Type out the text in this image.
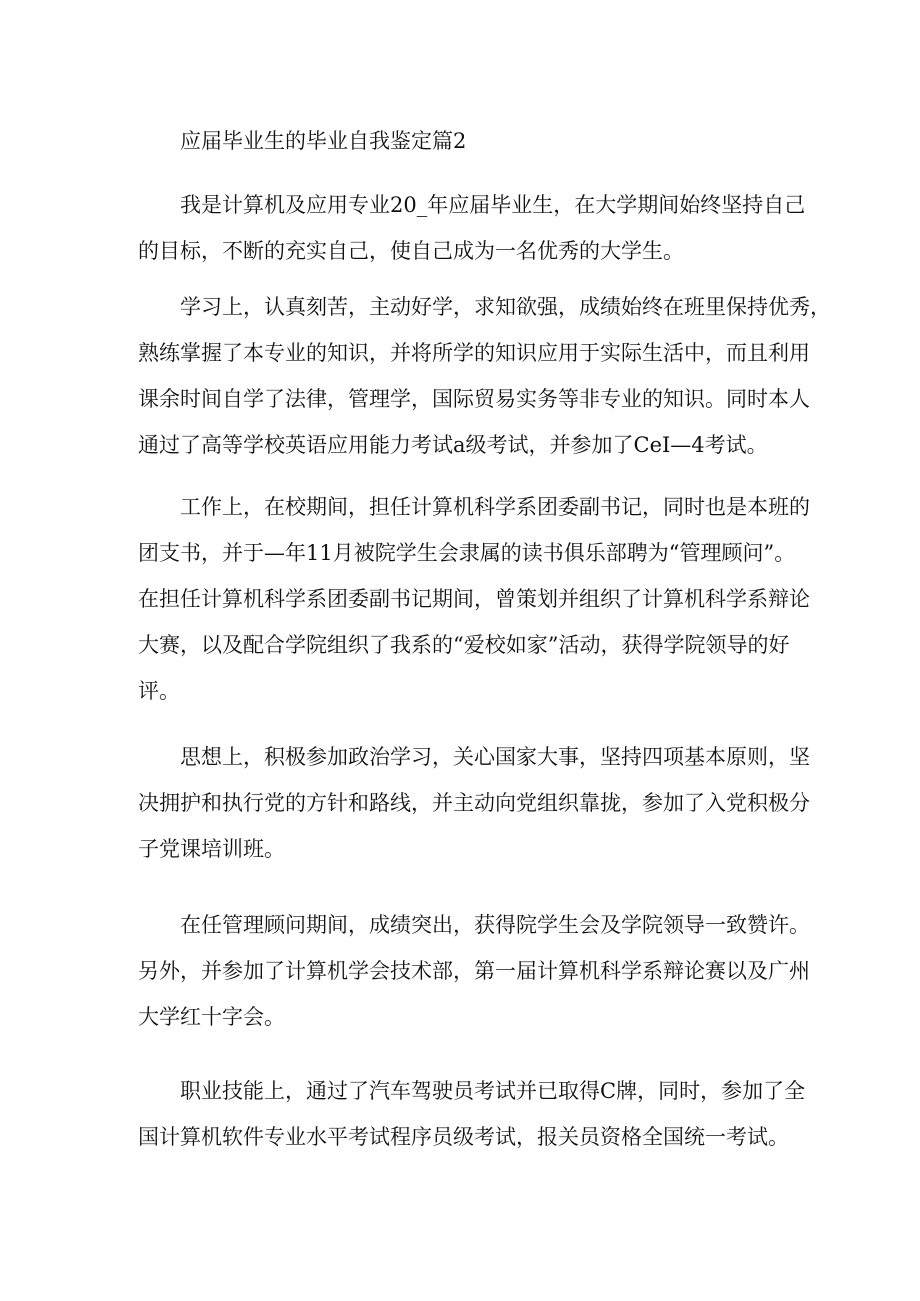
应届毕业生的毕业自我鉴定篇2
我是计算机及应用专业20_年应届毕业生，在大学期间始终坚持自己
的目标，不断的充实自己，使自己成为一名优秀的大学生。
学习上，认真刻苦，主动好学，求知欲强，成绩始终在班里保持优秀，
熟练掌握了本专业的知识，并将所学的知识应用于实际生活中，而且利用
课余时间自学了法律，管理学，国际贸易实务等非专业的知识。同时本人
通过了高等学校英语应用能力考试a级考试，并参加了CeI—4考试。
工作上，在校期间，担任计算机科学系团委副书记，同时也是本班的
团支书，并于—年11月被院学生会隶属的读书俱乐部聘为“管理顾问”。
在担任计算机科学系团委副书记期间，曾策划并组织了计算机科学系辩论
大赛，以及配合学院组织了我系的“爱校如家”活动，获得学院领导的好
评。
思想上，积极参加政治学习，关心国家大事，坚持四项基本原则，坚
决拥护和执行党的方针和路线，并主动向党组织靠拢，参加了入党积极分
子党课培训班。
在任管理顾问期间，成绩突出，获得院学生会及学院领导一致赞许。
另外，并参加了计算机学会技术部，第一届计算机科学系辩论赛以及广州
大学红十字会。
职业技能上，通过了汽车驾驶员考试并已取得C牌，同时，参加了全
国计算机软件专业水平考试程序员级考试，报关员资格全国统一考试。
